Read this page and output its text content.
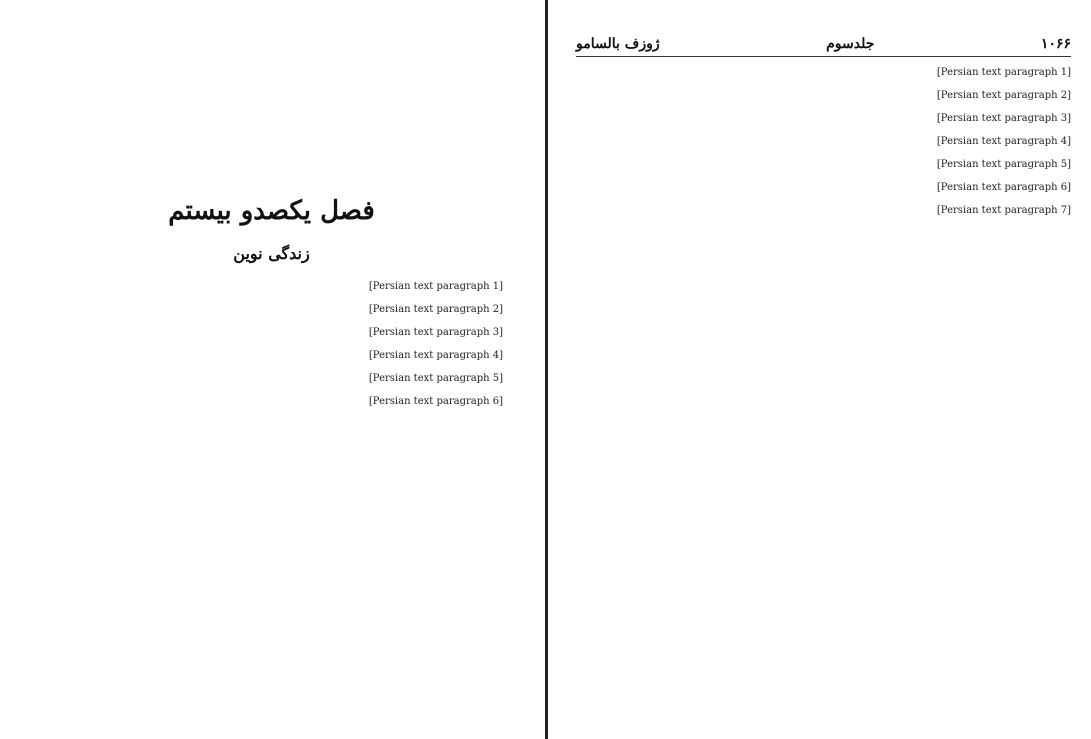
فصل یکصدو بیستم
زندگی نوین

[Persian text paragraph 1]

[Persian text paragraph 2]

[Persian text paragraph 3]

[Persian text paragraph 4]

[Persian text paragraph 5]

[Persian text paragraph 6]

۱۰۶۶
جلدسوم
ژوزف بالسامو

[Persian text paragraph 1]

[Persian text paragraph 2]

[Persian text paragraph 3]

[Persian text paragraph 4]

[Persian text paragraph 5]

[Persian text paragraph 6]

[Persian text paragraph 7]
